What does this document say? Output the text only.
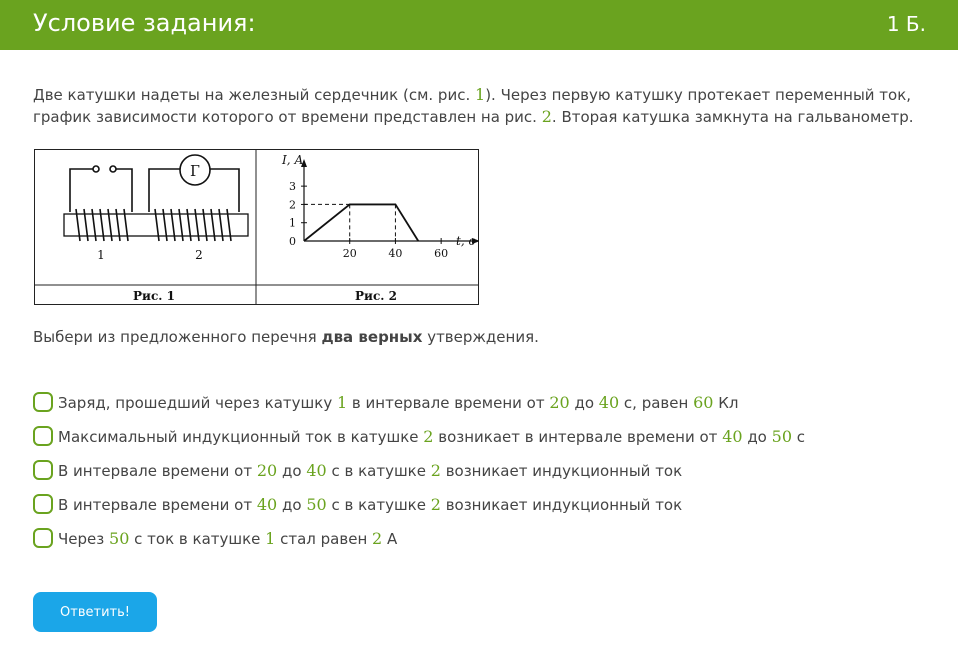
Условие задания:	1 Б.
Две катушки надеты на железный сердечник (см. рис. 1). Через первую катушку протекает переменный ток,
график зависимости которого от времени представлен на рис. 2. Вторая катушка замкнута на гальванометр.
Г
1	2
Рис. 1	Рис. 2
20	40	60
1
2
3
0
I, А
t, с
Выбери из предложенного перечня два верных утверждения.
Заряд, прошедший через катушку 1 в интервале времени от 20 до 40 с, равен 60 Кл
Максимальный индукционный ток в катушке 2 возникает в интервале времени от 40 до 50 с
В интервале времени от 20 до 40 с в катушке 2 возникает индукционный ток
В интервале времени от 40 до 50 с в катушке 2 возникает индукционный ток
Через 50 с ток в катушке 1 стал равен 2 А
Ответить!
